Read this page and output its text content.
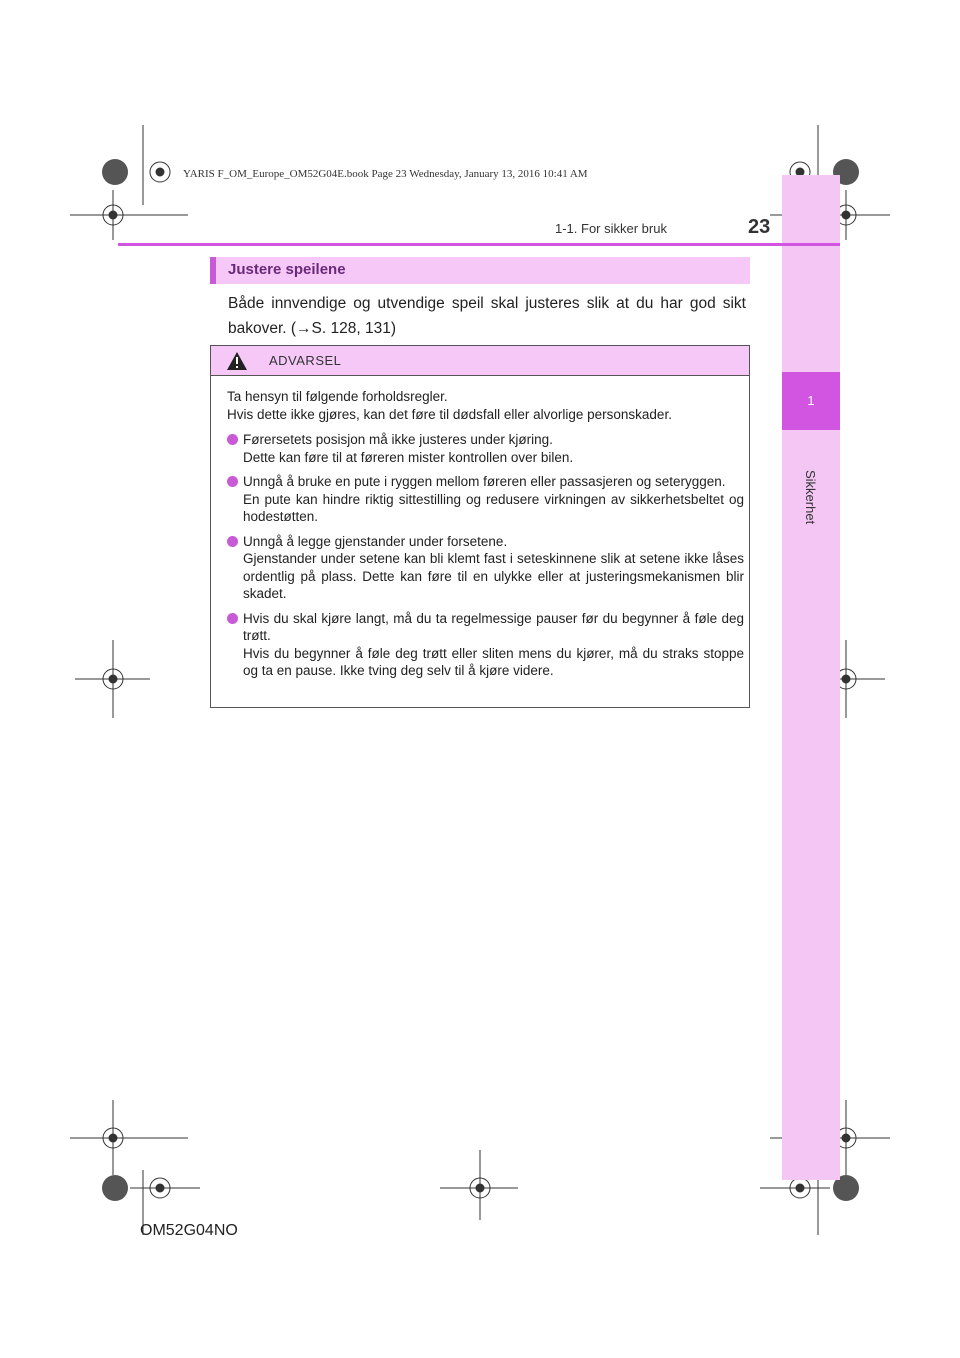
YARIS F_OM_Europe_OM52G04E.book Page 23 Wednesday, January 13, 2016 10:41 AM
1
Sikkerhet
1-1. For sikker bruk	23
Justere speilene
Både innvendige og utvendige speil skal justeres slik at du har god sikt bakover. (→S. 128, 131)
ADVARSEL
Ta hensyn til følgende forholdsregler.
Hvis dette ikke gjøres, kan det føre til dødsfall eller alvorlige personskader.
Førersetets posisjon må ikke justeres under kjøring.
Dette kan føre til at føreren mister kontrollen over bilen.
Unngå å bruke en pute i ryggen mellom føreren eller passasjeren og seteryggen.
En pute kan hindre riktig sittestilling og redusere virkningen av sikkerhetsbeltet og hodestøtten.
Unngå å legge gjenstander under forsetene.
Gjenstander under setene kan bli klemt fast i seteskinnene slik at setene ikke låses ordentlig på plass. Dette kan føre til en ulykke eller at justeringsmekanismen blir skadet.
Hvis du skal kjøre langt, må du ta regelmessige pauser før du begynner å føle deg trøtt.
Hvis du begynner å føle deg trøtt eller sliten mens du kjører, må du straks stoppe og ta en pause. Ikke tving deg selv til å kjøre videre.
OM52G04NO
